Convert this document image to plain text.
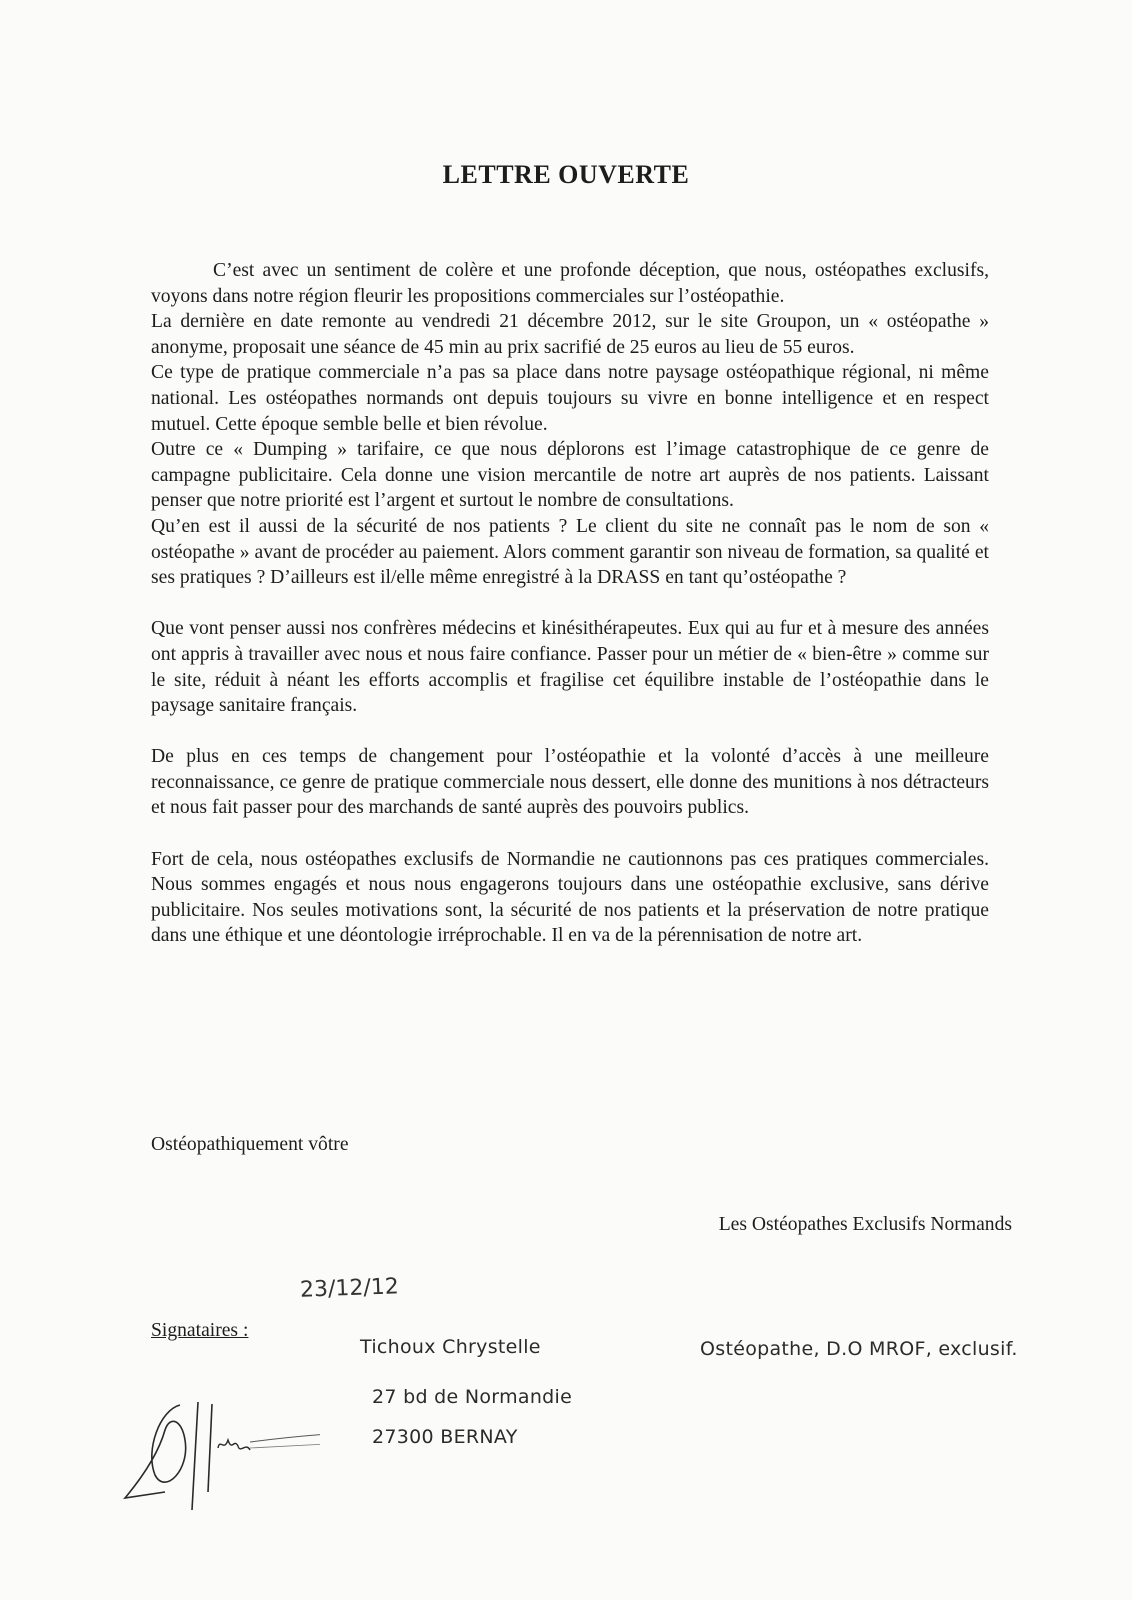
LETTRE OUVERTE

C’est avec un sentiment de colère et une profonde déception, que nous, ostéopathes exclusifs, voyons dans notre région fleurir les propositions commerciales sur l’ostéopathie.

La dernière en date remonte au vendredi 21 décembre 2012, sur le site Groupon, un « ostéopathe » anonyme, proposait une séance de 45 min au prix sacrifié de 25 euros au lieu de 55 euros.

Ce type de pratique commerciale n’a pas sa place dans notre paysage ostéopathique régional, ni même national. Les ostéopathes normands ont depuis toujours su vivre en bonne intelligence et en respect mutuel. Cette époque semble belle et bien révolue.

Outre ce « Dumping » tarifaire, ce que nous déplorons est l’image catastrophique de ce genre de campagne publicitaire. Cela donne une vision mercantile de notre art auprès de nos patients. Laissant penser que notre priorité est l’argent et surtout le nombre de consultations.

Qu’en est il aussi de la sécurité de nos patients ? Le client du site ne connaît pas le nom de son « ostéopathe » avant de procéder au paiement. Alors comment garantir son niveau de formation, sa qualité et ses pratiques ? D’ailleurs est il/elle même enregistré à la DRASS en tant qu’ostéopathe ?

Que vont penser aussi nos confrères médecins et kinésithérapeutes. Eux qui au fur et à mesure des années ont appris à travailler avec nous et nous faire confiance. Passer pour un métier de « bien-être » comme sur le site, réduit à néant les efforts accomplis et fragilise cet équilibre instable de l’ostéopathie dans le paysage sanitaire français.

De plus en ces temps de changement pour l’ostéopathie et la volonté d’accès à une meilleure reconnaissance, ce genre de pratique commerciale nous dessert, elle donne des munitions à nos détracteurs et nous fait passer pour des marchands de santé auprès des pouvoirs publics.

Fort de cela, nous ostéopathes exclusifs de Normandie ne cautionnons pas ces pratiques commerciales. Nous sommes engagés et nous nous engagerons toujours dans une ostéopathie exclusive, sans dérive publicitaire. Nos seules motivations sont, la sécurité de nos patients et la préservation de notre pratique dans une éthique et une déontologie irréprochable. Il en va de la pérennisation de notre art.

Ostéopathiquement vôtre
Les Ostéopathes Exclusifs Normands
23/12/12
Signataires :
Tichoux Chrystelle	Ostéopathe, D.O MROF, exclusif.
27 bd de Normandie
27300 BERNAY
